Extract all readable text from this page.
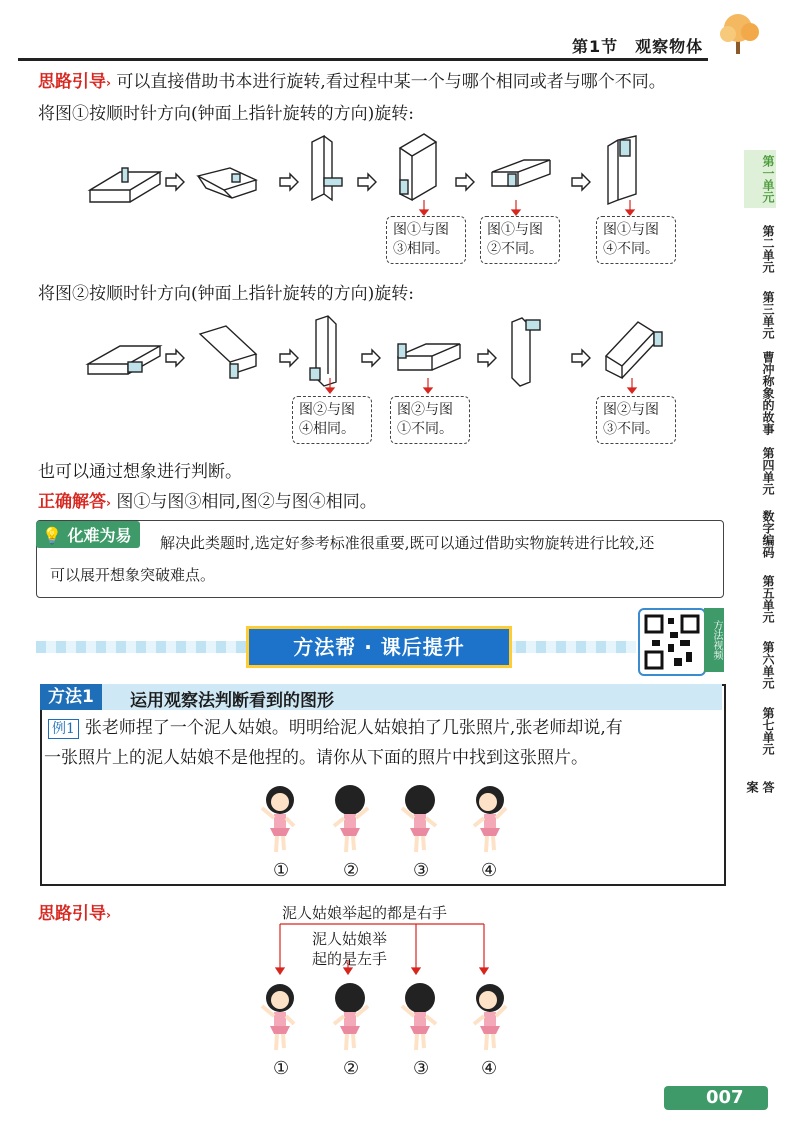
第1节　观察物体
第一单元
第二单元
第三单元
曹冲称象的故事
第四单元
数字编码
第五单元
第六单元
第七单元
答　案
思路引导› 可以直接借助书本进行旋转,看过程中某一个与哪个相同或者与哪个不同。
将图①按顺时针方向(钟面上指针旋转的方向)旋转:
图①与图③相同。
图①与图②不同。
图①与图④不同。
将图②按顺时针方向(钟面上指针旋转的方向)旋转:
图②与图④相同。
图②与图①不同。
图②与图③不同。
也可以通过想象进行判断。
正确解答› 图①与图③相同,图②与图④相同。
💡 化难为易	解决此类题时,选定好参考标准很重要,既可以通过借助实物旋转进行比较,还
可以展开想象突破难点。
方法帮 · 课后提升	方法视频
方法1	运用观察法判断看到的图形
例1 张老师捏了一个泥人姑娘。明明给泥人姑娘拍了几张照片,张老师却说,有
一张照片上的泥人姑娘不是他捏的。请你从下面的照片中找到这张照片。
①	②	③	④
思路引导›	泥人姑娘举起的都是右手
泥人姑娘举
起的是左手
①	②	③	④
007
